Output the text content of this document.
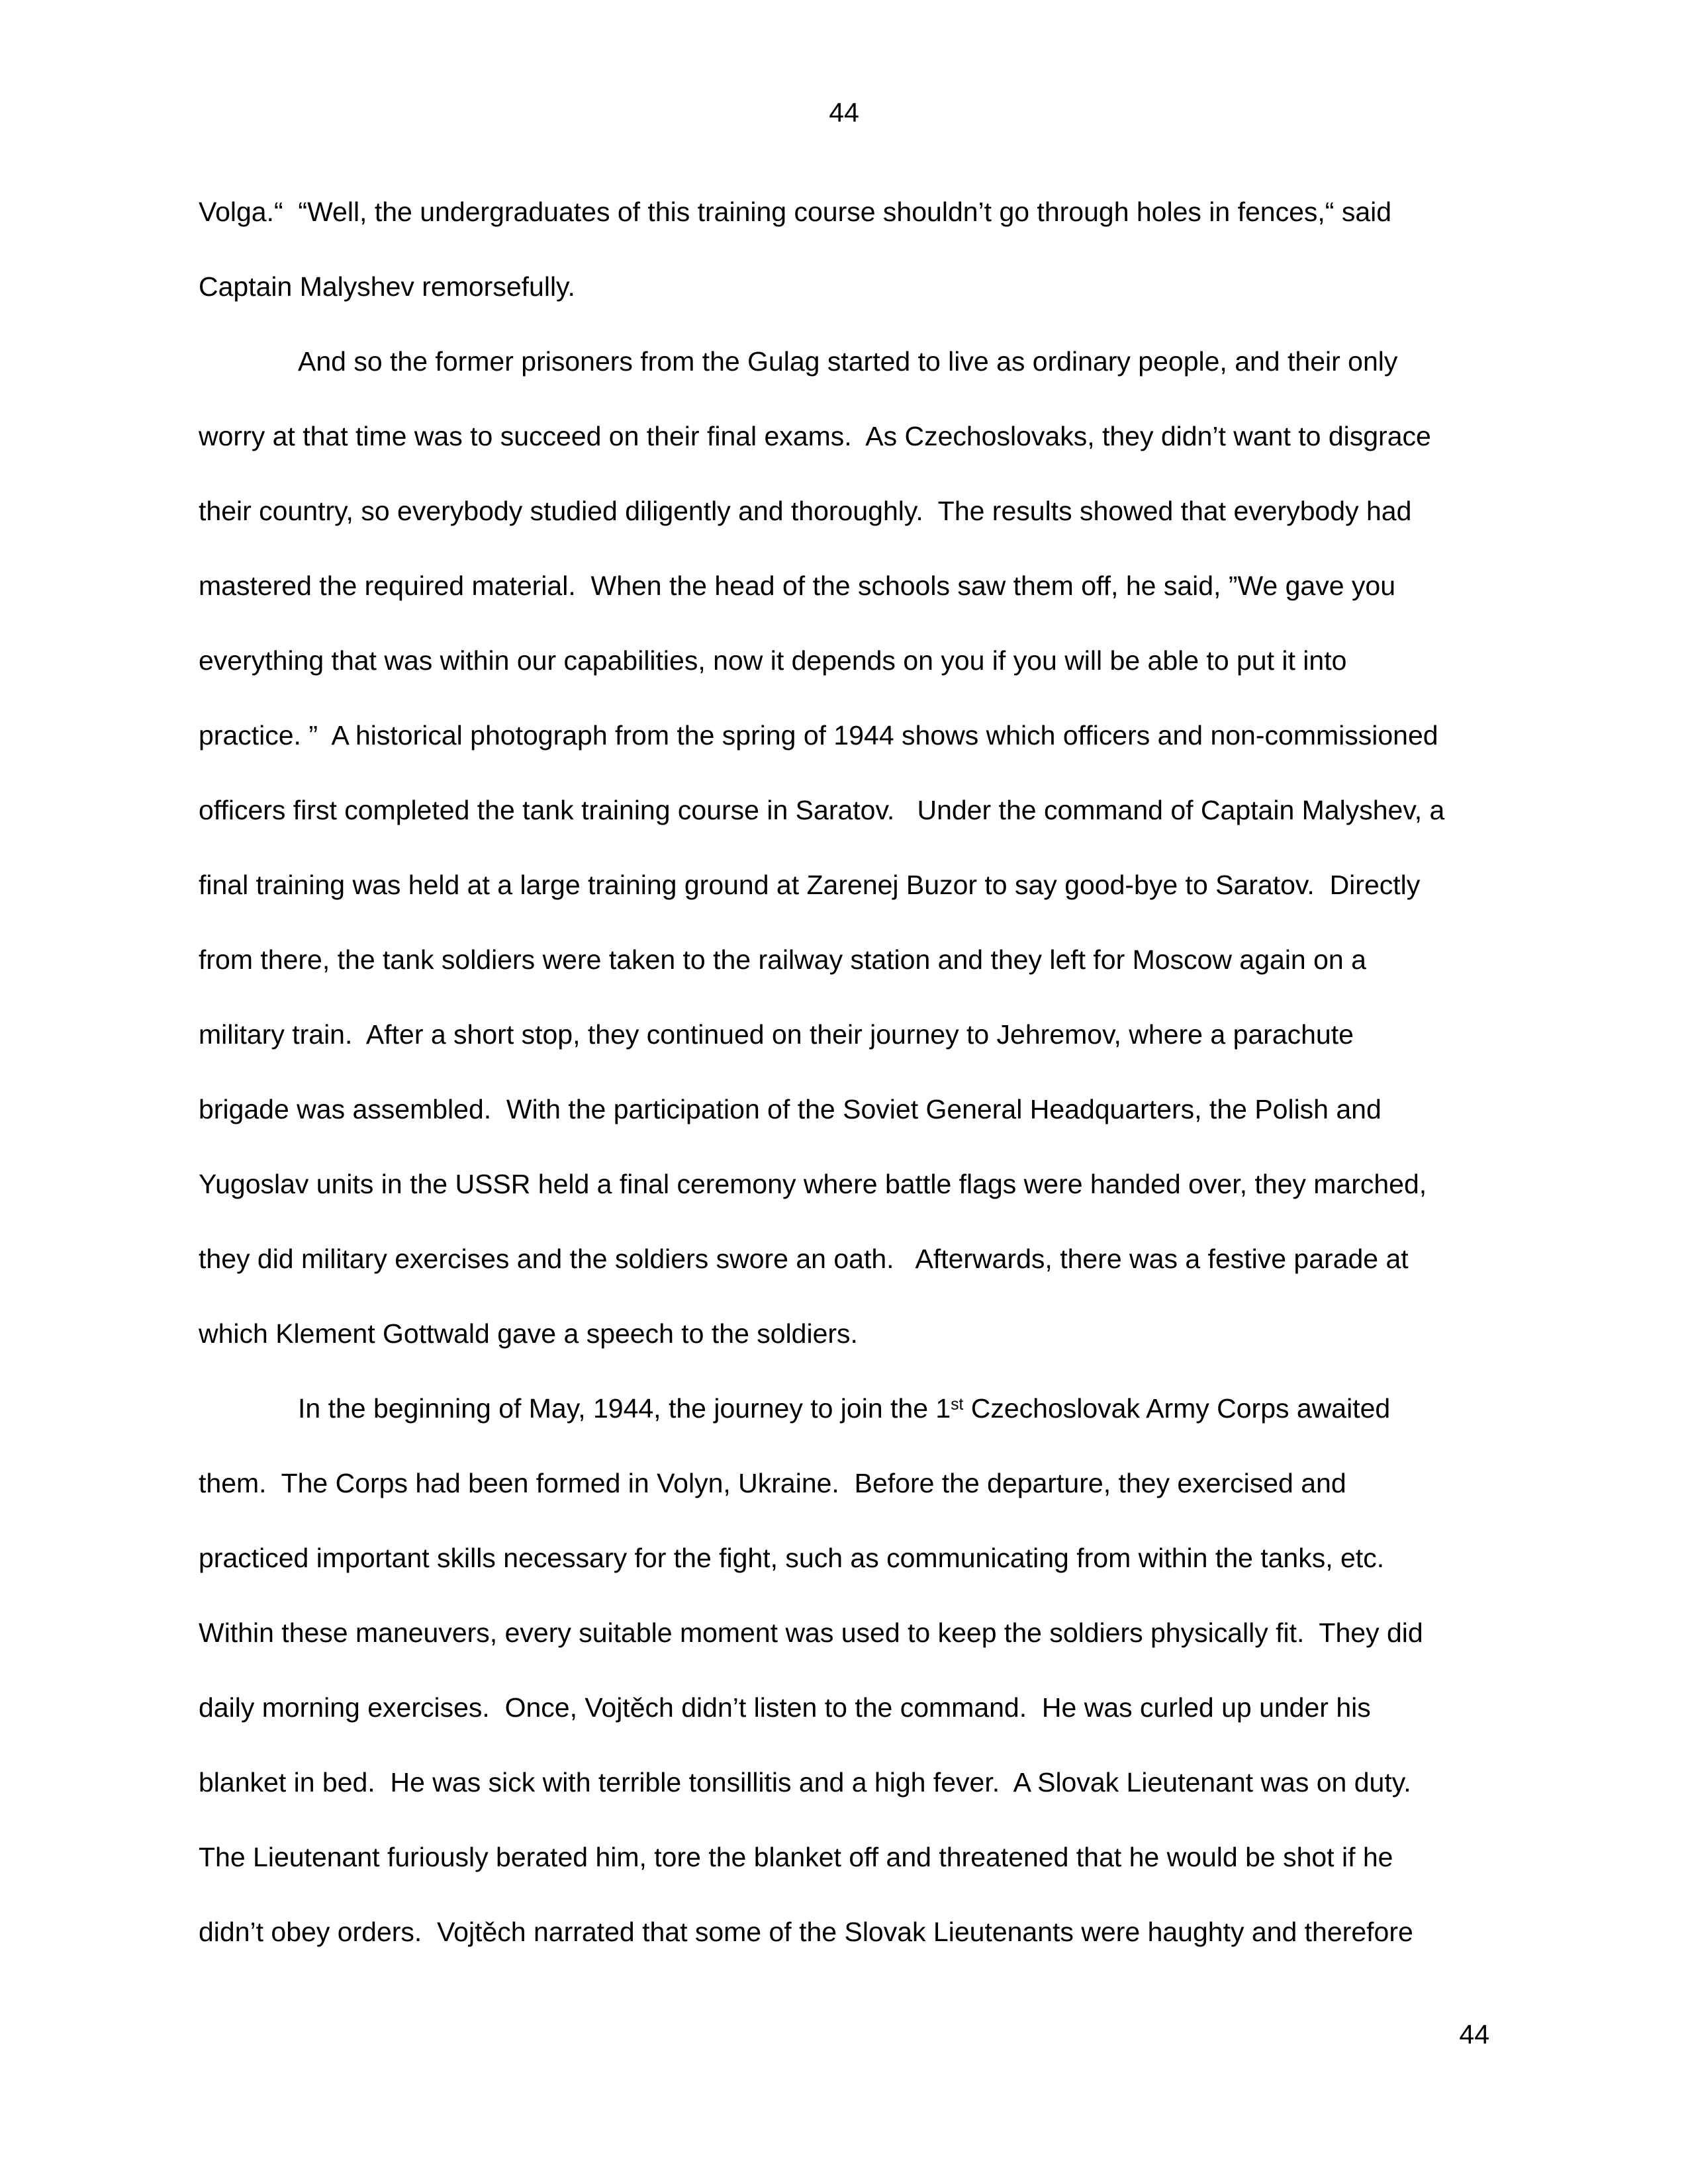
44
Volga.“  “Well, the undergraduates of this training course shouldn’t go through holes in fences,“ said
Captain Malyshev remorsefully.
And so the former prisoners from the Gulag started to live as ordinary people, and their only
worry at that time was to succeed on their final exams.  As Czechoslovaks, they didn’t want to disgrace
their country, so everybody studied diligently and thoroughly.  The results showed that everybody had
mastered the required material.  When the head of the schools saw them off, he said, ”We gave you
everything that was within our capabilities, now it depends on you if you will be able to put it into
practice. ”  A historical photograph from the spring of 1944 shows which officers and non-commissioned
officers first completed the tank training course in Saratov.   Under the command of Captain Malyshev, a
final training was held at a large training ground at Zarenej Buzor to say good-bye to Saratov.  Directly
from there, the tank soldiers were taken to the railway station and they left for Moscow again on a
military train.  After a short stop, they continued on their journey to Jehremov, where a parachute
brigade was assembled.  With the participation of the Soviet General Headquarters, the Polish and
Yugoslav units in the USSR held a final ceremony where battle flags were handed over, they marched,
they did military exercises and the soldiers swore an oath.   Afterwards, there was a festive parade at
which Klement Gottwald gave a speech to the soldiers.
In the beginning of May, 1944, the journey to join the 1st Czechoslovak Army Corps awaited
them.  The Corps had been formed in Volyn, Ukraine.  Before the departure, they exercised and
practiced important skills necessary for the fight, such as communicating from within the tanks, etc.
Within these maneuvers, every suitable moment was used to keep the soldiers physically fit.  They did
daily morning exercises.  Once, Vojtěch didn’t listen to the command.  He was curled up under his
blanket in bed.  He was sick with terrible tonsillitis and a high fever.  A Slovak Lieutenant was on duty.
The Lieutenant furiously berated him, tore the blanket off and threatened that he would be shot if he
didn’t obey orders.  Vojtěch narrated that some of the Slovak Lieutenants were haughty and therefore
44
